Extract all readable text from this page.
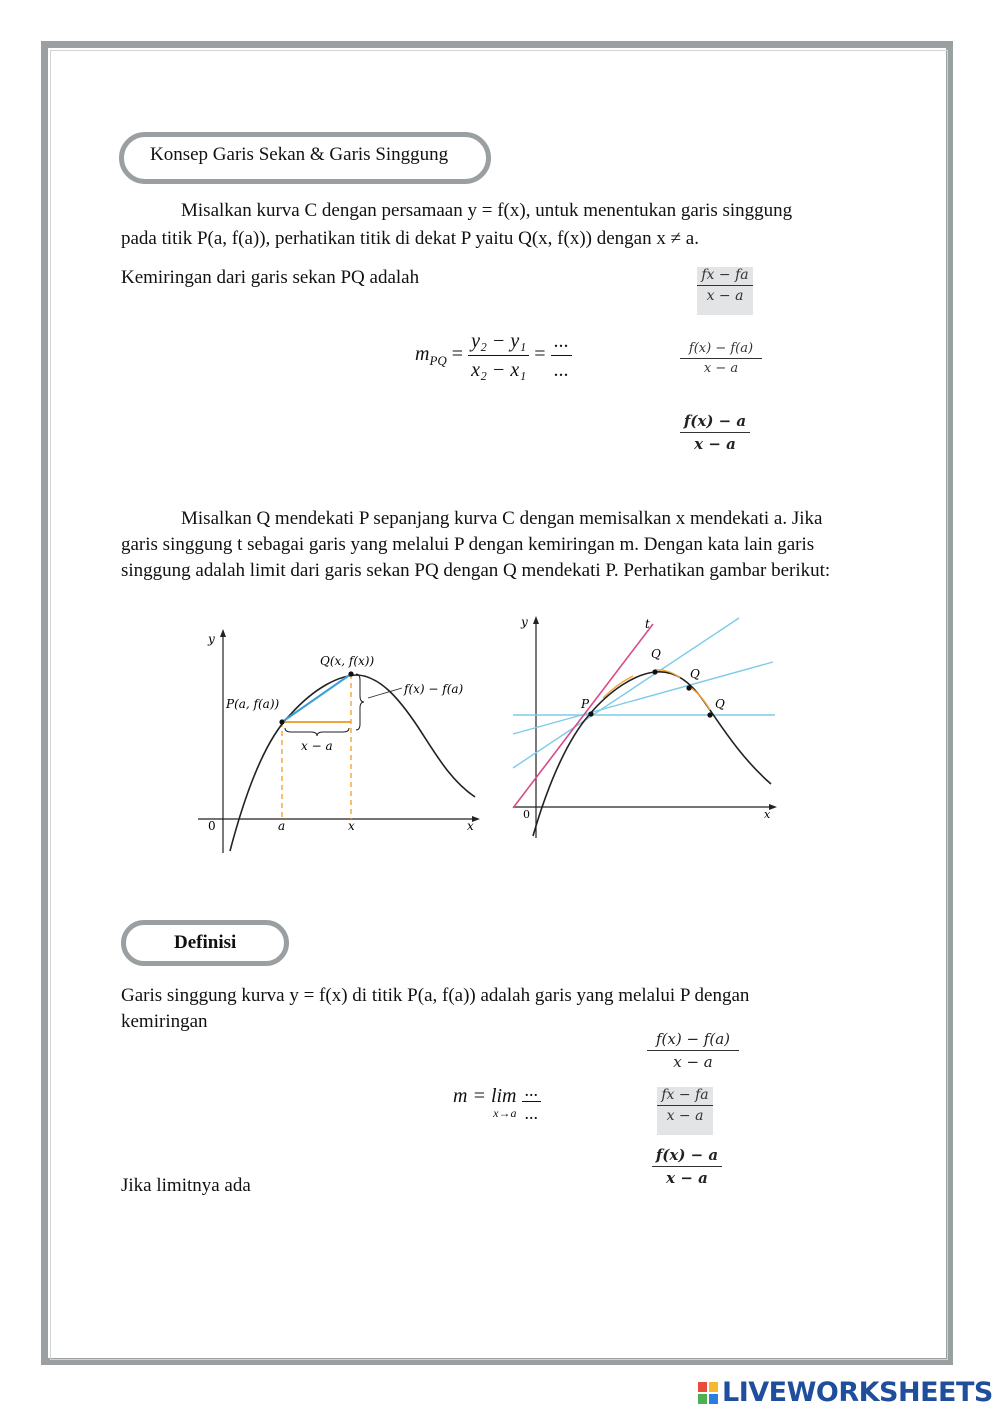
Konsep Garis Sekan & Garis Singgung
Misalkan kurva C dengan persamaan y = f(x), untuk menentukan garis singgung
pada titik P(a, f(a)), perhatikan titik di dekat P yaitu Q(x, f(x)) dengan x ≠ a.
Kemiringan dari garis sekan PQ adalah
$m_{PQ} = \frac{\text{y₂ − y₁}}{\text{x₂ − x₁}} = \frac{...}{...}$
$\frac{fx - fa}{x - a}$
$\frac{f(x) - f(a)}{x - a}$
$\frac{f(x) - a}{x - a}$
Misalkan Q mendekati P sepanjang kurva C dengan memisalkan x mendekati a. Jika
garis singgung t sebagai garis yang melalui P dengan kemiringan m. Dengan kata lain garis
singgung adalah limit dari garis sekan PQ dengan Q mendekati P. Perhatikan gambar berikut:
y
x
0	a	x
P(a, f(a))
Q(x, f(x))
f(x) − f(a)
x − a
y
x
0
t
P
Q
Q
Q
Definisi
Garis singgung kurva y = f(x) di titik P(a, f(a)) adalah garis yang melalui P dengan
kemiringan
m = lim
x→a
$\frac{...}{...}$
$\frac{f(x) - f(a)}{x - a}$
$\frac{fx - fa}{x - a}$
$\frac{f(x) - a}{x - a}$
Jika limitnya ada
LIVEWORKSHEETS
